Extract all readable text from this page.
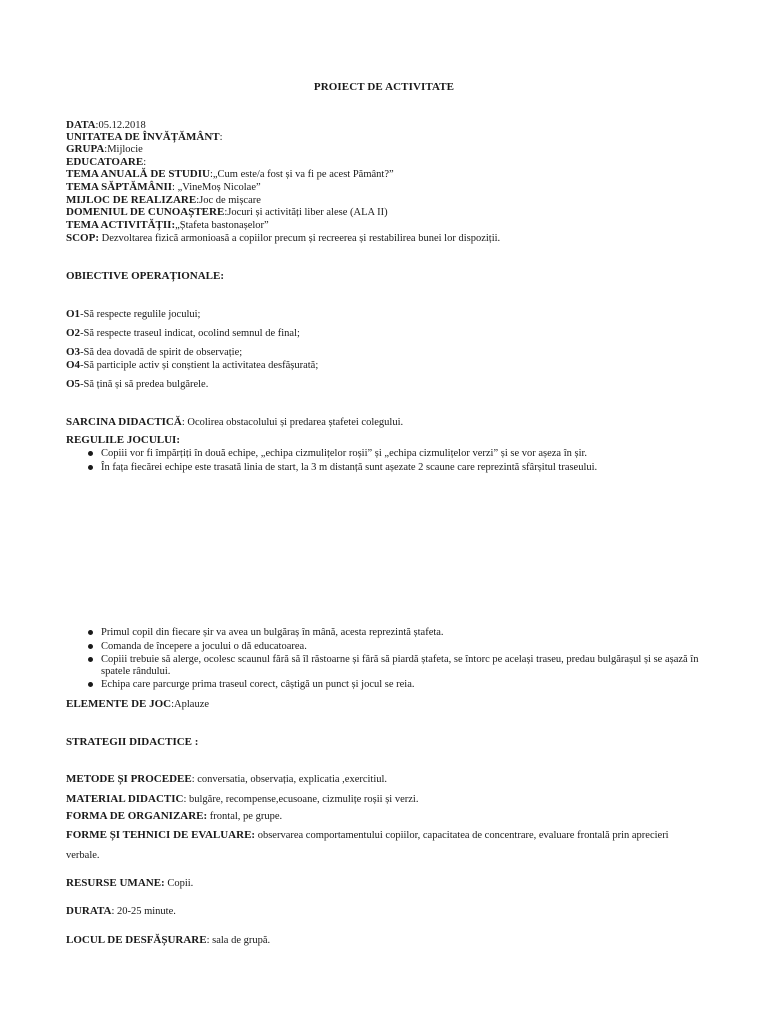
PROIECT DE ACTIVITATE
DATA:05.12.2018
UNITATEA DE ÎNVĂȚĂMÂNT:
GRUPA:Mijlocie
EDUCATOARE:
TEMA ANUALĂ DE STUDIU:„Cum este/a fost și va fi pe acest Pământ?”
TEMA SĂPTĂMÂNII: „VineMoș Nicolae”
MIJLOC DE REALIZARE:Joc de mișcare
DOMENIUL DE CUNOAȘTERE:Jocuri și activități liber alese (ALA II)
TEMA ACTIVITĂȚII:„Ștafeta bastonașelor”
SCOP: Dezvoltarea fizică armonioasă a copiilor precum și recreerea și restabilirea bunei lor dispoziții.
OBIECTIVE OPERAȚIONALE:
O1-Să respecte regulile jocului;
O2-Să respecte traseul indicat, ocolind semnul de final;
O3-Să dea dovadă de spirit de observație;
O4-Să participle activ și conștient la activitatea desfășurată;
O5-Să țină și să predea bulgărele.
SARCINA DIDACTICĂ: Ocolirea obstacolului și predarea ștafetei colegului.
REGULILE JOCULUI:
Copiii vor fi împărțiți în două echipe, „echipa cizmulițelor roșii” și „echipa cizmulițelor verzi” și se vor așeza în șir.
În fața fiecărei echipe este trasată linia de start, la 3 m distanță sunt așezate 2 scaune care reprezintă sfârșitul traseului.
Primul copil din fiecare șir va avea un bulgăraș în mână, acesta reprezintă ștafeta.
Comanda de începere a jocului o dă educatoarea.
Copiii trebuie să alerge, ocolesc scaunul fără să îl răstoarne și fără să piardă ștafeta, se întorc pe același traseu, predau bulgărașul și se așază în spatele rândului.
Echipa care parcurge prima traseul corect, câștigă un punct și jocul se reia.
ELEMENTE DE JOC:Aplauze
STRATEGII DIDACTICE :
METODE ȘI PROCEDEE: conversatia, observația, explicatia ,exercitiul.
MATERIAL DIDACTIC: bulgăre, recompense,ecusoane, cizmulițe roșii și verzi.
FORMA DE ORGANIZARE: frontal, pe grupe.
FORME ȘI TEHNICI DE EVALUARE: observarea comportamentului copiilor, capacitatea de concentrare, evaluare frontală prin aprecieri
verbale.
RESURSE UMANE: Copii.
DURATA: 20-25 minute.
LOCUL DE DESFĂȘURARE: sala de grupă.
